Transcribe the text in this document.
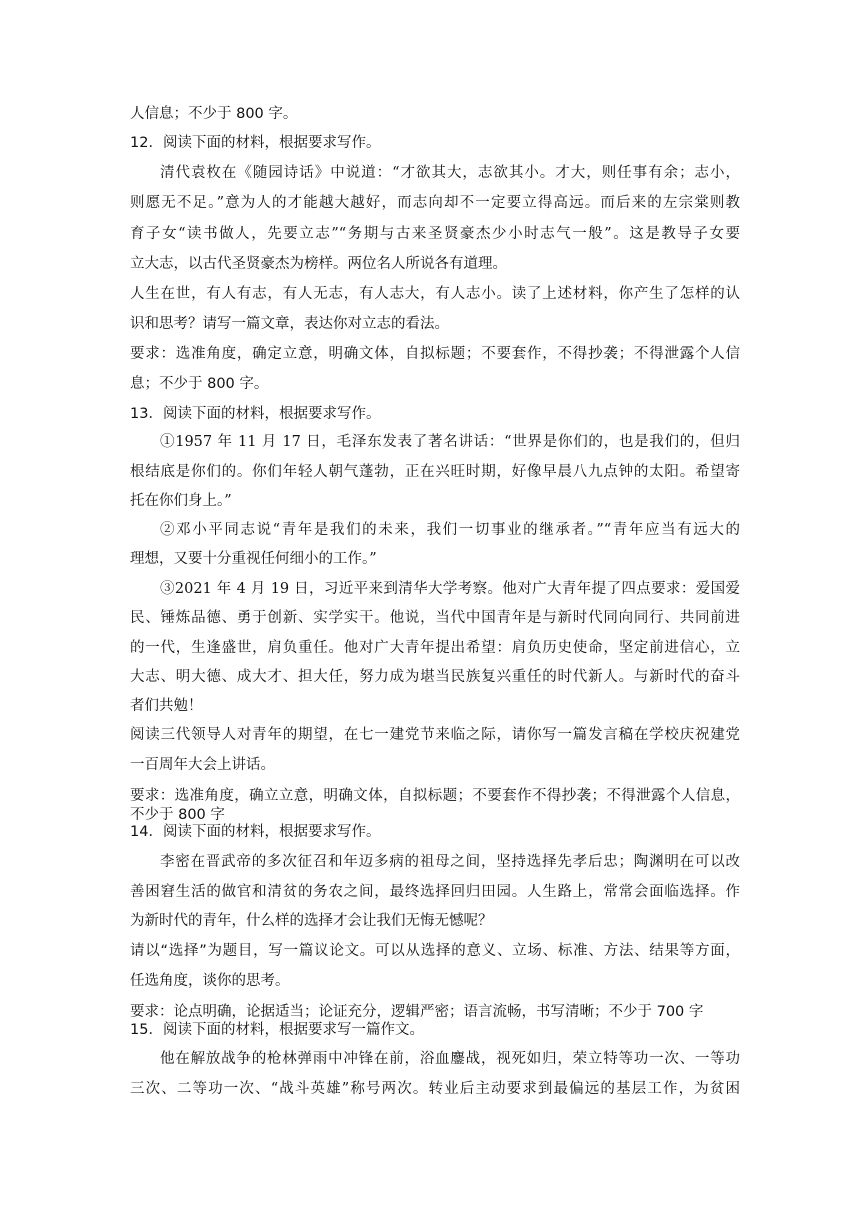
人信息；不少于 800 字。
12．阅读下面的材料，根据要求写作。
清代袁枚在《随园诗话》中说道：“才欲其大，志欲其小。才大，则任事有余；志小，
则愿无不足。”意为人的才能越大越好，而志向却不一定要立得高远。而后来的左宗棠则教
育子女“读书做人，先要立志”“务期与古来圣贤豪杰少小时志气一般”。这是教导子女要
立大志，以古代圣贤豪杰为榜样。两位名人所说各有道理。
人生在世，有人有志，有人无志，有人志大，有人志小。读了上述材料，你产生了怎样的认
识和思考？请写一篇文章，表达你对立志的看法。
要求：选准角度，确定立意，明确文体，自拟标题；不要套作，不得抄袭；不得泄露个人信
息；不少于 800 字。
13．阅读下面的材料，根据要求写作。
①1957 年 11 月 17 日，毛泽东发表了著名讲话：“世界是你们的，也是我们的，但归
根结底是你们的。你们年轻人朝气蓬勃，正在兴旺时期，好像早晨八九点钟的太阳。希望寄
托在你们身上。”
②邓小平同志说“青年是我们的未来，我们一切事业的继承者。”“青年应当有远大的
理想，又要十分重视任何细小的工作。”
③2021 年 4 月 19 日，习近平来到清华大学考察。他对广大青年提了四点要求：爱国爱
民、锤炼品德、勇于创新、实学实干。他说，当代中国青年是与新时代同向同行、共同前进
的一代，生逢盛世，肩负重任。他对广大青年提出希望：肩负历史使命，坚定前进信心，立
大志、明大德、成大才、担大任，努力成为堪当民族复兴重任的时代新人。与新时代的奋斗
者们共勉！
阅读三代领导人对青年的期望，在七一建党节来临之际，请你写一篇发言稿在学校庆祝建党
一百周年大会上讲话。
要求：选准角度，确立立意，明确文体，自拟标题；不要套作不得抄袭；不得泄露个人信息，
不少于 800 字
14．阅读下面的材料，根据要求写作。
李密在晋武帝的多次征召和年迈多病的祖母之间，坚持选择先孝后忠；陶渊明在可以改
善困窘生活的做官和清贫的务农之间，最终选择回归田园。人生路上，常常会面临选择。作
为新时代的青年，什么样的选择才会让我们无悔无憾呢？
请以“选择”为题目，写一篇议论文。可以从选择的意义、立场、标准、方法、结果等方面，
任选角度，谈你的思考。
要求：论点明确，论据适当；论证充分，逻辑严密；语言流畅，书写清晰；不少于 700 字
15．阅读下面的材料，根据要求写一篇作文。
他在解放战争的枪林弹雨中冲锋在前，浴血鏖战，视死如归，荣立特等功一次、一等功
三次、二等功一次、“战斗英雄”称号两次。转业后主动要求到最偏远的基层工作，为贫困
